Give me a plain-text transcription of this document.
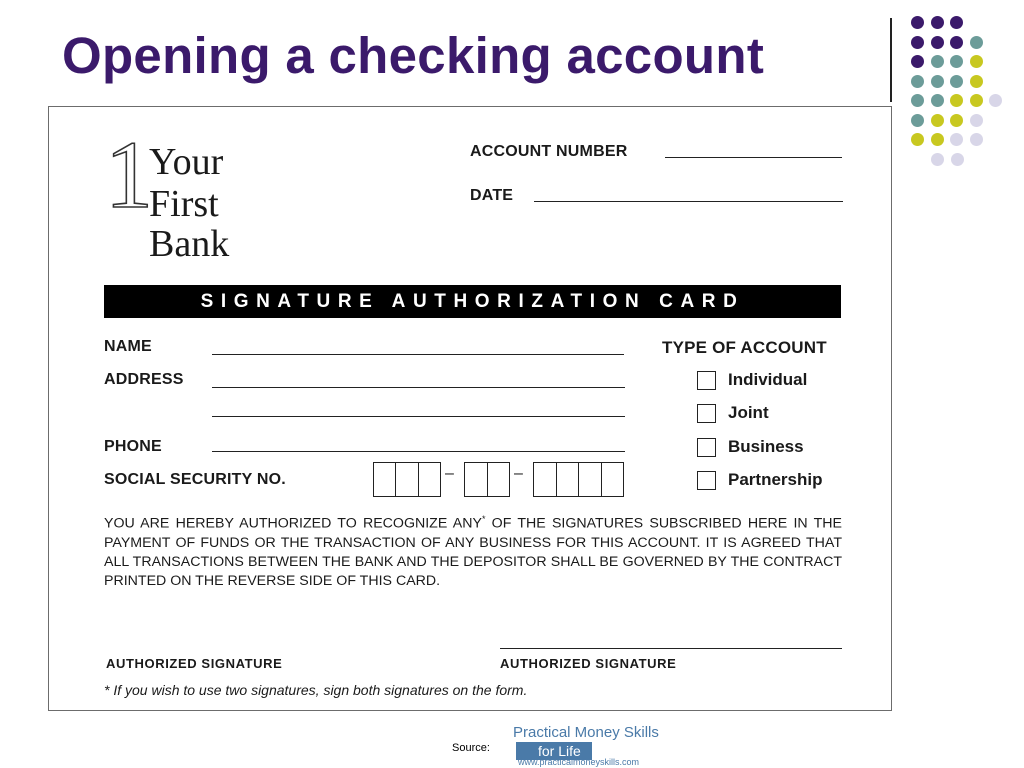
Opening a checking account
1
Your
First
Bank
ACCOUNT NUMBER
DATE
SIGNATURE AUTHORIZATION CARD
NAME
ADDRESS
PHONE
SOCIAL SECURITY NO.	–	–
TYPE OF ACCOUNT
Individual
Joint
Business
Partnership

YOU ARE HEREBY AUTHORIZED TO RECOGNIZE ANY* OF THE SIGNATURES SUBSCRIBED HERE IN THE PAYMENT OF FUNDS OR THE TRANSACTION OF ANY BUSINESS FOR THIS ACCOUNT. IT IS AGREED THAT ALL TRANSACTIONS BETWEEN THE BANK AND THE DEPOSITOR SHALL BE GOVERNED BY THE CONTRACT PRINTED ON THE REVERSE SIDE OF THIS CARD.

AUTHORIZED SIGNATURE	AUTHORIZED SIGNATURE
* If you wish to use two signatures, sign both signatures on the form.
Source:
Practical Money Skills
for Life
www.practicalmoneyskills.com
